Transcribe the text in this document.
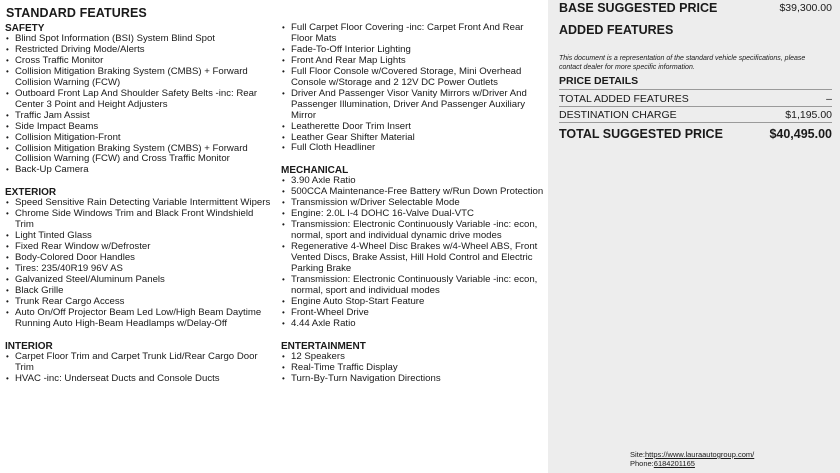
STANDARD FEATURES
SAFETY
• Blind Spot Information (BSI) System Blind Spot
• Restricted Driving Mode/Alerts
• Cross Traffic Monitor
• Collision Mitigation Braking System (CMBS) + Forward Collision Warning (FCW)
• Outboard Front Lap And Shoulder Safety Belts -inc: Rear Center 3 Point and Height Adjusters
• Traffic Jam Assist
• Side Impact Beams
• Collision Mitigation-Front
• Collision Mitigation Braking System (CMBS) + Forward Collision Warning (FCW) and Cross Traffic Monitor
• Back-Up Camera
EXTERIOR
• Speed Sensitive Rain Detecting Variable Intermittent Wipers
• Chrome Side Windows Trim and Black Front Windshield Trim
• Light Tinted Glass
• Fixed Rear Window w/Defroster
• Body-Colored Door Handles
• Tires: 235/40R19 96V AS
• Galvanized Steel/Aluminum Panels
• Black Grille
• Trunk Rear Cargo Access
• Auto On/Off Projector Beam Led Low/High Beam Daytime Running Auto High-Beam Headlamps w/Delay-Off
INTERIOR
• Carpet Floor Trim and Carpet Trunk Lid/Rear Cargo Door Trim
• HVAC -inc: Underseat Ducts and Console Ducts
• Full Carpet Floor Covering -inc: Carpet Front And Rear Floor Mats
• Fade-To-Off Interior Lighting
• Front And Rear Map Lights
• Full Floor Console w/Covered Storage, Mini Overhead Console w/Storage and 2 12V DC Power Outlets
• Driver And Passenger Visor Vanity Mirrors w/Driver And Passenger Illumination, Driver And Passenger Auxiliary Mirror
• Leatherette Door Trim Insert
• Leather Gear Shifter Material
• Full Cloth Headliner
MECHANICAL
• 3.90 Axle Ratio
• 500CCA Maintenance-Free Battery w/Run Down Protection
• Transmission w/Driver Selectable Mode
• Engine: 2.0L I-4 DOHC 16-Valve Dual-VTC
• Transmission: Electronic Continuously Variable -inc: econ, normal, sport and individual dynamic drive modes
• Regenerative 4-Wheel Disc Brakes w/4-Wheel ABS, Front Vented Discs, Brake Assist, Hill Hold Control and Electric Parking Brake
• Transmission: Electronic Continuously Variable -inc: econ, normal, sport and individual modes
• Engine Auto Stop-Start Feature
• Front-Wheel Drive
• 4.44 Axle Ratio
ENTERTAINMENT
• 12 Speakers
• Real-Time Traffic Display
• Turn-By-Turn Navigation Directions
BASE SUGGESTED PRICE	$39,300.00
ADDED FEATURES
This document is a representation of the standard vehicle specifications, please contact dealer for more specific information.
PRICE DETAILS
TOTAL ADDED FEATURES	–
DESTINATION CHARGE	$1,195.00
TOTAL SUGGESTED PRICE	$40,495.00
Site:https://www.lauraautogroup.com/
Phone:6184201165
